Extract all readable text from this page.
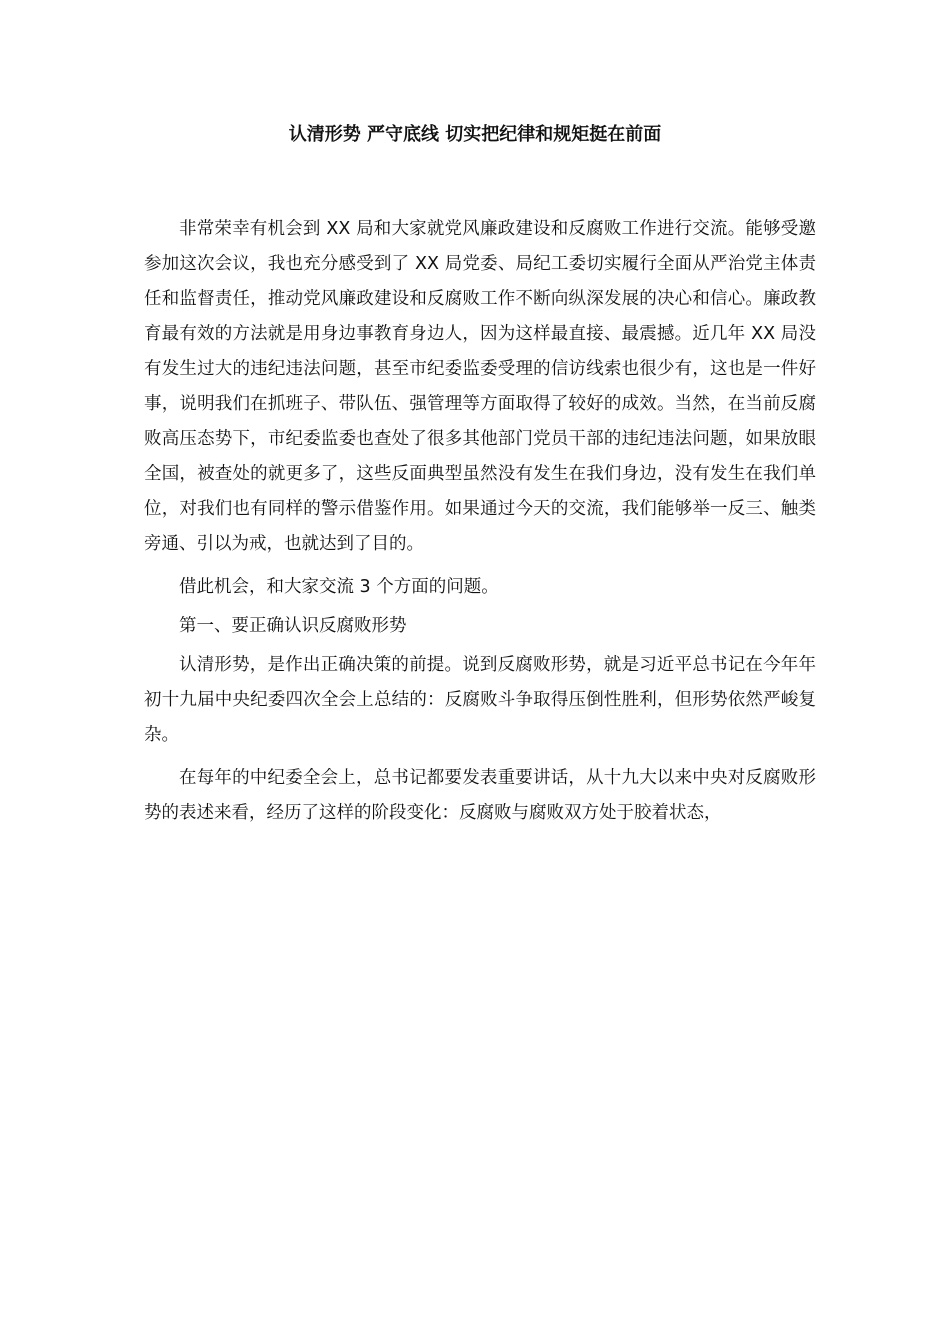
认清形势 严守底线 切实把纪律和规矩挺在前面

非常荣幸有机会到 XX 局和大家就党风廉政建设和反腐败工作进行交流。能够受邀参加这次会议，我也充分感受到了 XX 局党委、局纪工委切实履行全面从严治党主体责任和监督责任，推动党风廉政建设和反腐败工作不断向纵深发展的决心和信心。廉政教育最有效的方法就是用身边事教育身边人，因为这样最直接、最震撼。近几年 XX 局没有发生过大的违纪违法问题，甚至市纪委监委受理的信访线索也很少有，这也是一件好事，说明我们在抓班子、带队伍、强管理等方面取得了较好的成效。当然，在当前反腐败高压态势下，市纪委监委也查处了很多其他部门党员干部的违纪违法问题，如果放眼全国，被查处的就更多了，这些反面典型虽然没有发生在我们身边，没有发生在我们单位，对我们也有同样的警示借鉴作用。如果通过今天的交流，我们能够举一反三、触类旁通、引以为戒，也就达到了目的。

借此机会，和大家交流 3 个方面的问题。

第一、要正确认识反腐败形势

认清形势，是作出正确决策的前提。说到反腐败形势，就是习近平总书记在今年年初十九届中央纪委四次全会上总结的：反腐败斗争取得压倒性胜利，但形势依然严峻复杂。

在每年的中纪委全会上，总书记都要发表重要讲话，从十九大以来中央对反腐败形势的表述来看，经历了这样的阶段变化：反腐败与腐败双方处于胶着状态，
